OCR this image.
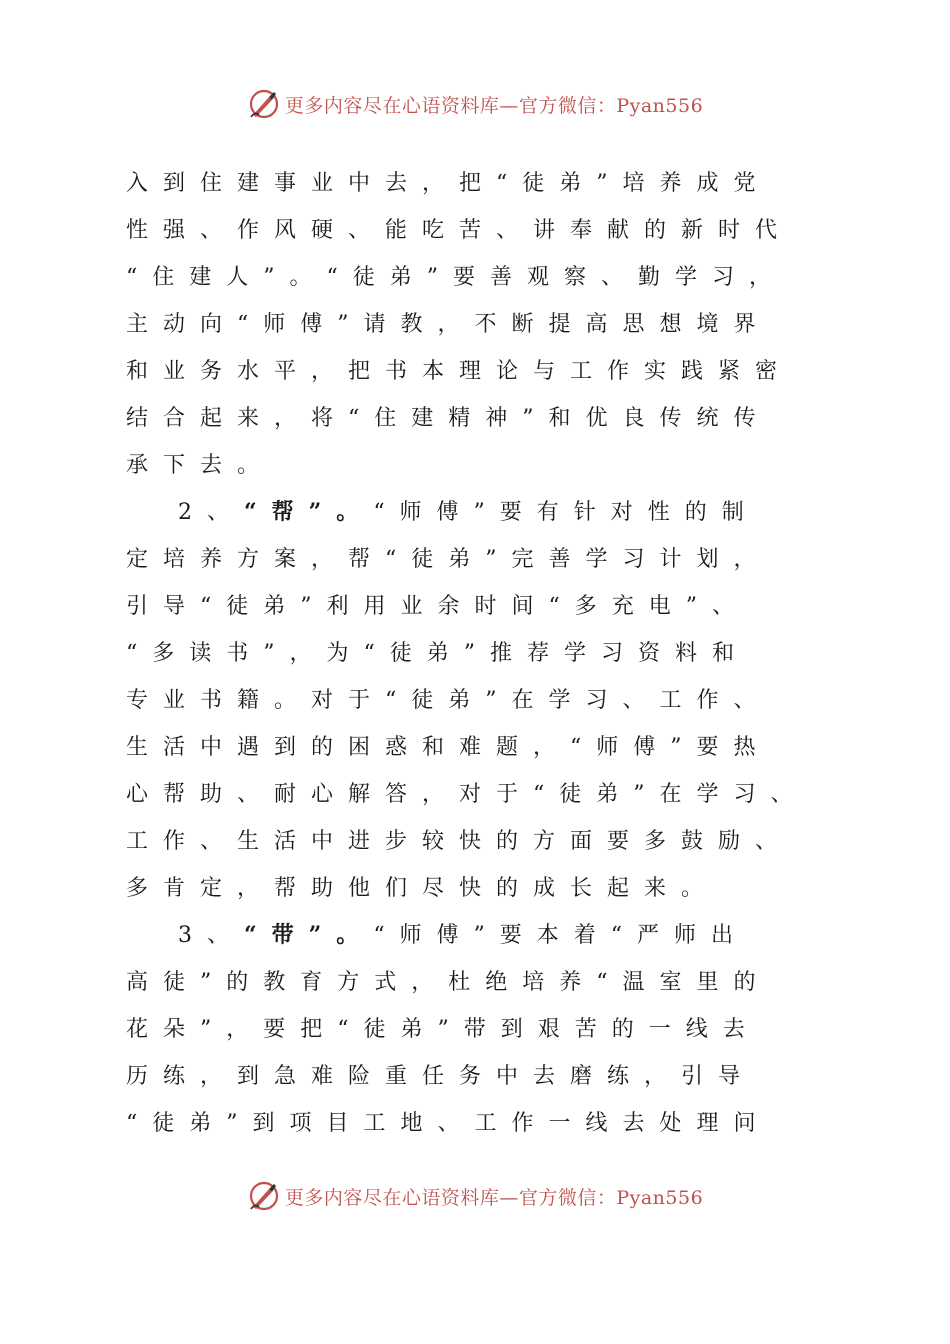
更多内容尽在心语资料库—官方微信：Pyan556
入到住建事业中去，把“徒弟”培养成党
性强、作风硬、能吃苦、讲奉献的新时代
“住建人”。“徒弟”要善观察、勤学习，
主动向“师傅”请教，不断提高思想境界
和业务水平，把书本理论与工作实践紧密
结合起来，将“住建精神”和优良传统传
承下去。
2、“帮”。“师傅”要有针对性的制
定培养方案，帮“徒弟”完善学习计划，
引导“徒弟”利用业余时间“多充电”、
“多读书”，为“徒弟”推荐学习资料和
专业书籍。对于“徒弟”在学习、工作、
生活中遇到的困惑和难题，“师傅”要热
心帮助、耐心解答，对于“徒弟”在学习、
工作、生活中进步较快的方面要多鼓励、
多肯定，帮助他们尽快的成长起来。
3、“带”。“师傅”要本着“严师出
高徒”的教育方式，杜绝培养“温室里的
花朵”，要把“徒弟”带到艰苦的一线去
历练，到急难险重任务中去磨练，引导
“徒弟”到项目工地、工作一线去处理问
更多内容尽在心语资料库—官方微信：Pyan556
